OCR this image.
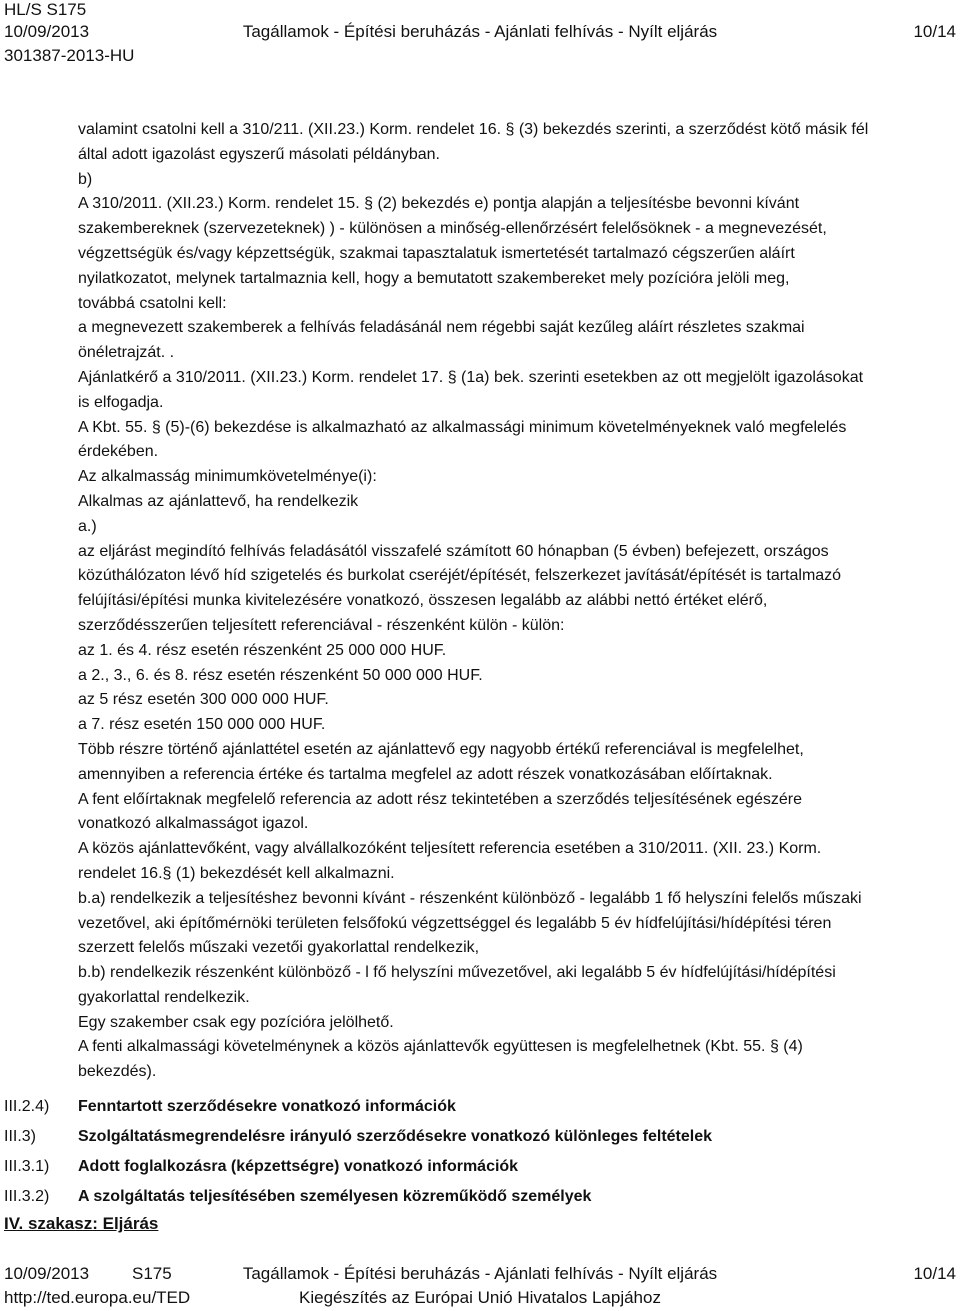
HL/S S175
10/09/2013	Tagállamok - Építési beruházás - Ajánlati felhívás - Nyílt eljárás	10/14
301387-2013-HU

valamint csatolni kell a 310/211. (XII.23.) Korm. rendelet 16. § (3) bekezdés szerinti, a szerződést kötő másik fél

által adott igazolást egyszerű másolati példányban.

b)

A 310/2011. (XII.23.) Korm. rendelet 15. § (2) bekezdés e) pontja alapján a teljesítésbe bevonni kívánt

szakembereknek (szervezeteknek) ) - különösen a minőség-ellenőrzésért felelősöknek - a megnevezését,

végzettségük és/vagy képzettségük, szakmai tapasztalatuk ismertetését tartalmazó cégszerűen aláírt

nyilatkozatot, melynek tartalmaznia kell, hogy a bemutatott szakembereket mely pozícióra jelöli meg,

továbbá csatolni kell:

a megnevezett szakemberek a felhívás feladásánál nem régebbi saját kezűleg aláírt részletes szakmai

önéletrajzát. .

Ajánlatkérő a 310/2011. (XII.23.) Korm. rendelet 17. § (1a) bek. szerinti esetekben az ott megjelölt igazolásokat

is elfogadja.

A Kbt. 55. § (5)-(6) bekezdése is alkalmazható az alkalmassági minimum követelményeknek való megfelelés

érdekében.

Az alkalmasság minimumkövetelménye(i):

Alkalmas az ajánlattevő, ha rendelkezik

a.)

az eljárást megindító felhívás feladásától visszafelé számított 60 hónapban (5 évben) befejezett, országos

közúthálózaton lévő híd szigetelés és burkolat cseréjét/építését, felszerkezet javítását/építését is tartalmazó

felújítási/építési munka kivitelezésére vonatkozó, összesen legalább az alábbi nettó értéket elérő,

szerződésszerűen teljesített referenciával - részenként külön - külön:

az 1. és 4. rész esetén részenként 25 000 000 HUF.

a 2., 3., 6. és 8. rész esetén részenként 50 000 000 HUF.

az 5 rész esetén 300 000 000 HUF.

a 7. rész esetén 150 000 000 HUF.

Több részre történő ajánlattétel esetén az ajánlattevő egy nagyobb értékű referenciával is megfelelhet,

amennyiben a referencia értéke és tartalma megfelel az adott részek vonatkozásában előírtaknak.

A fent előírtaknak megfelelő referencia az adott rész tekintetében a szerződés teljesítésének egészére

vonatkozó alkalmasságot igazol.

A közös ajánlattevőként, vagy alvállalkozóként teljesített referencia esetében a 310/2011. (XII. 23.) Korm.

rendelet 16.§ (1) bekezdését kell alkalmazni.

b.a) rendelkezik a teljesítéshez bevonni kívánt - részenként különböző - legalább 1 fő helyszíni felelős műszaki

vezetővel, aki építőmérnöki területen felsőfokú végzettséggel és legalább 5 év hídfelújítási/hídépítési téren

szerzett felelős műszaki vezetői gyakorlattal rendelkezik,

b.b) rendelkezik részenként különböző - l fő helyszíni művezetővel, aki legalább 5 év hídfelújítási/hídépítési

gyakorlattal rendelkezik.

Egy szakember csak egy pozícióra jelölhető.

A fenti alkalmassági követelménynek a közös ajánlattevők együttesen is megfelelhetnek (Kbt. 55. § (4)

bekezdés).

III.2.4)	Fenntartott szerződésekre vonatkozó információk
III.3)	Szolgáltatásmegrendelésre irányuló szerződésekre vonatkozó különleges feltételek
III.3.1)	Adott foglalkozásra (képzettségre) vonatkozó információk
III.3.2)	A szolgáltatás teljesítésében személyesen közreműködő személyek
IV. szakasz: Eljárás
10/09/2013	S175	Tagállamok - Építési beruházás - Ajánlati felhívás - Nyílt eljárás	10/14
http://ted.europa.eu/TED	Kiegészítés az Európai Unió Hivatalos Lapjához
